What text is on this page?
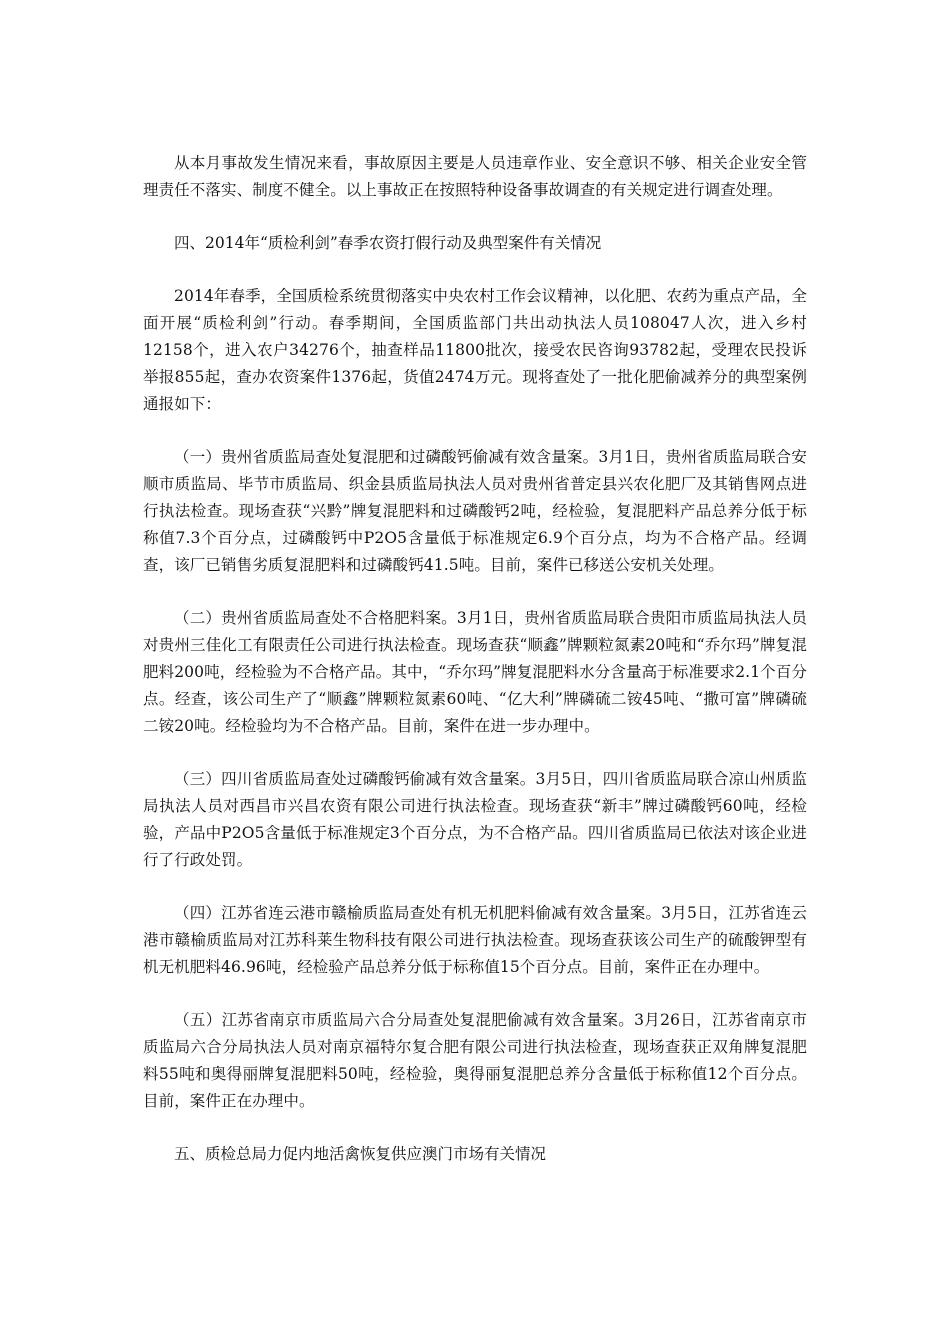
从本月事故发生情况来看，事故原因主要是人员违章作业、安全意识不够、相关企业安全管理责任不落实、制度不健全。以上事故正在按照特种设备事故调查的有关规定进行调查处理。

四、2014年“质检利剑”春季农资打假行动及典型案件有关情况

2014年春季，全国质检系统贯彻落实中央农村工作会议精神，以化肥、农药为重点产品，全面开展“质检利剑”行动。春季期间，全国质监部门共出动执法人员108047人次，进入乡村12158个，进入农户34276个，抽查样品11800批次，接受农民咨询93782起，受理农民投诉举报855起，查办农资案件1376起，货值2474万元。现将查处了一批化肥偷减养分的典型案例通报如下：

（一）贵州省质监局查处复混肥和过磷酸钙偷减有效含量案。3月1日，贵州省质监局联合安顺市质监局、毕节市质监局、织金县质监局执法人员对贵州省普定县兴农化肥厂及其销售网点进行执法检查。现场查获“兴黔”牌复混肥料和过磷酸钙2吨，经检验，复混肥料产品总养分低于标称值7.3个百分点，过磷酸钙中P2O5含量低于标准规定6.9个百分点，均为不合格产品。经调查，该厂已销售劣质复混肥料和过磷酸钙41.5吨。目前，案件已移送公安机关处理。

（二）贵州省质监局查处不合格肥料案。3月1日，贵州省质监局联合贵阳市质监局执法人员对贵州三佳化工有限责任公司进行执法检查。现场查获“顺鑫”牌颗粒氮素20吨和“乔尔玛”牌复混肥料200吨，经检验为不合格产品。其中，“乔尔玛”牌复混肥料水分含量高于标准要求2.1个百分点。经查，该公司生产了“顺鑫”牌颗粒氮素60吨、“亿大利”牌磷硫二铵45吨、“撒可富”牌磷硫二铵20吨。经检验均为不合格产品。目前，案件在进一步办理中。

（三）四川省质监局查处过磷酸钙偷减有效含量案。3月5日，四川省质监局联合凉山州质监局执法人员对西昌市兴昌农资有限公司进行执法检查。现场查获“新丰”牌过磷酸钙60吨，经检验，产品中P2O5含量低于标准规定3个百分点，为不合格产品。四川省质监局已依法对该企业进行了行政处罚。

（四）江苏省连云港市赣榆质监局查处有机无机肥料偷减有效含量案。3月5日，江苏省连云港市赣榆质监局对江苏科莱生物科技有限公司进行执法检查。现场查获该公司生产的硫酸钾型有机无机肥料46.96吨，经检验产品总养分低于标称值15个百分点。目前，案件正在办理中。

（五）江苏省南京市质监局六合分局查处复混肥偷减有效含量案。3月26日，江苏省南京市质监局六合分局执法人员对南京福特尔复合肥有限公司进行执法检查，现场查获正双角牌复混肥料55吨和奥得丽牌复混肥料50吨，经检验，奥得丽复混肥总养分含量低于标称值12个百分点。目前，案件正在办理中。

五、质检总局力促内地活禽恢复供应澳门市场有关情况
